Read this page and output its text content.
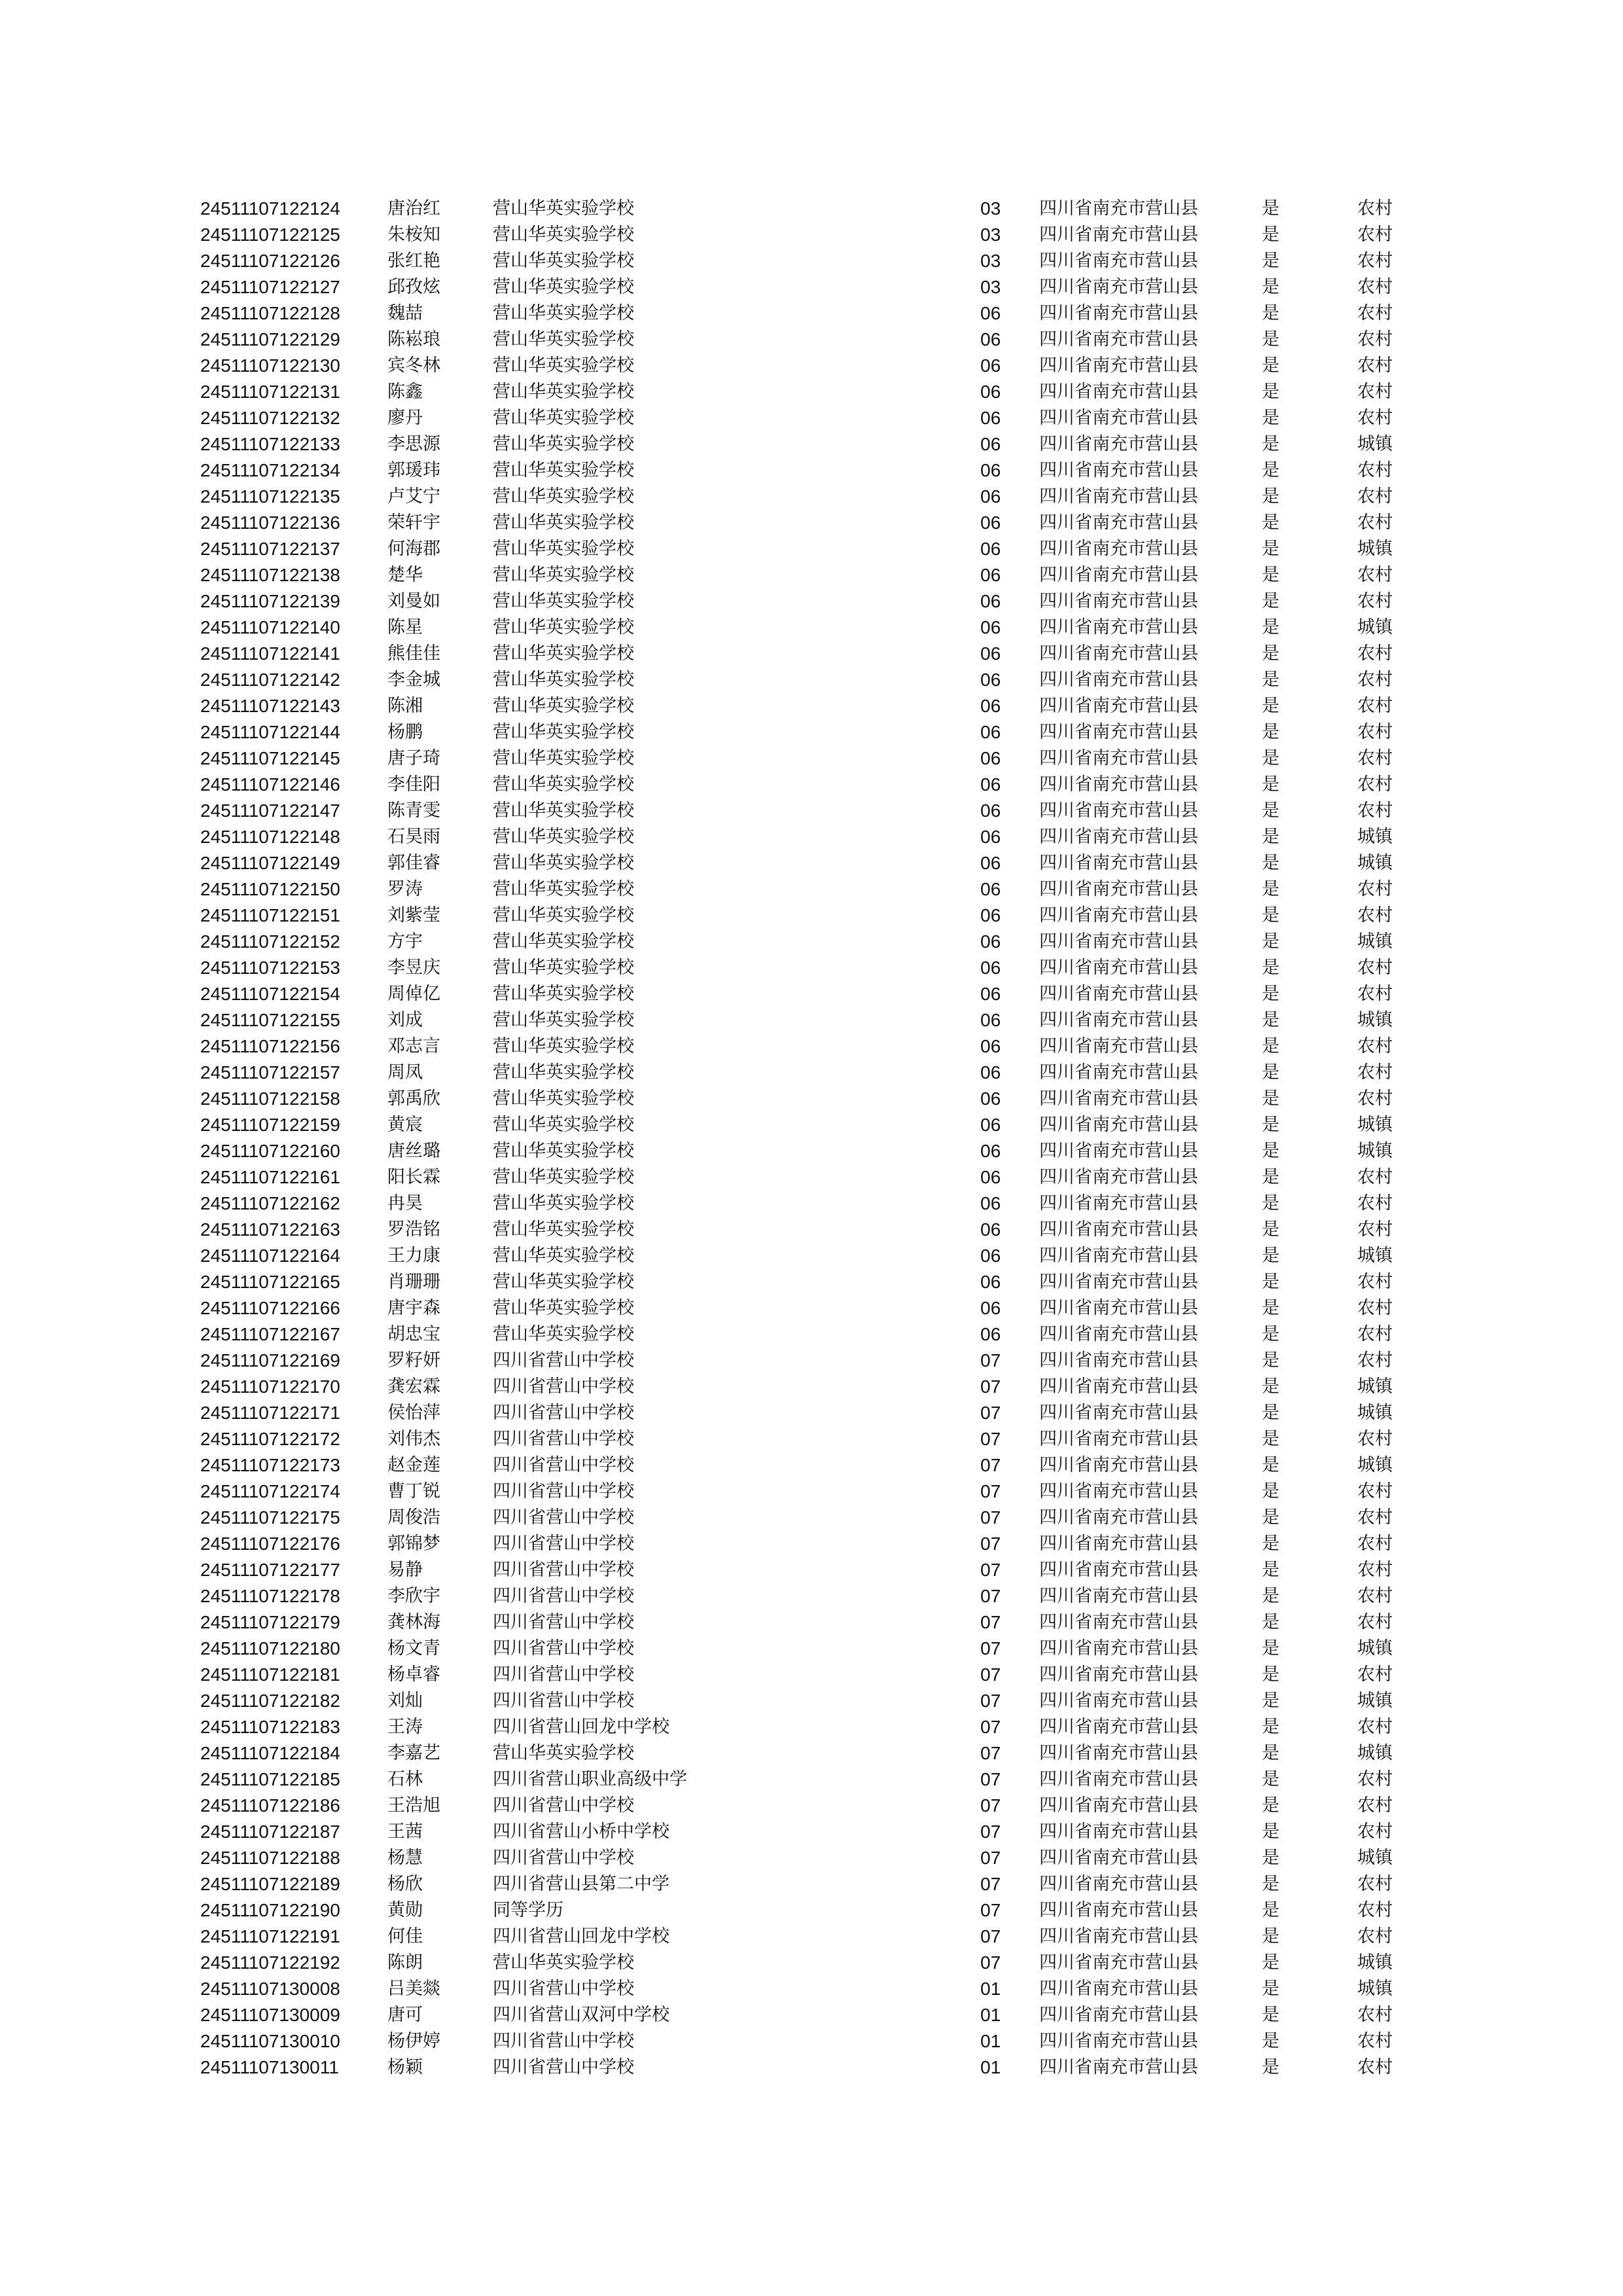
24511107122124	唐治红	营山华英实验学校	03	四川省南充市营山县	是	农村
24511107122125	朱桉知	营山华英实验学校	03	四川省南充市营山县	是	农村
24511107122126	张红艳	营山华英实验学校	03	四川省南充市营山县	是	农村
24511107122127	邱孜炫	营山华英实验学校	03	四川省南充市营山县	是	农村
24511107122128	魏喆	营山华英实验学校	06	四川省南充市营山县	是	农村
24511107122129	陈崧琅	营山华英实验学校	06	四川省南充市营山县	是	农村
24511107122130	宾冬林	营山华英实验学校	06	四川省南充市营山县	是	农村
24511107122131	陈鑫	营山华英实验学校	06	四川省南充市营山县	是	农村
24511107122132	廖丹	营山华英实验学校	06	四川省南充市营山县	是	农村
24511107122133	李思源	营山华英实验学校	06	四川省南充市营山县	是	城镇
24511107122134	郭瑗玮	营山华英实验学校	06	四川省南充市营山县	是	农村
24511107122135	卢艾宁	营山华英实验学校	06	四川省南充市营山县	是	农村
24511107122136	荣轩宇	营山华英实验学校	06	四川省南充市营山县	是	农村
24511107122137	何海郡	营山华英实验学校	06	四川省南充市营山县	是	城镇
24511107122138	楚华	营山华英实验学校	06	四川省南充市营山县	是	农村
24511107122139	刘曼如	营山华英实验学校	06	四川省南充市营山县	是	农村
24511107122140	陈星	营山华英实验学校	06	四川省南充市营山县	是	城镇
24511107122141	熊佳佳	营山华英实验学校	06	四川省南充市营山县	是	农村
24511107122142	李金城	营山华英实验学校	06	四川省南充市营山县	是	农村
24511107122143	陈湘	营山华英实验学校	06	四川省南充市营山县	是	农村
24511107122144	杨鹏	营山华英实验学校	06	四川省南充市营山县	是	农村
24511107122145	唐子琦	营山华英实验学校	06	四川省南充市营山县	是	农村
24511107122146	李佳阳	营山华英实验学校	06	四川省南充市营山县	是	农村
24511107122147	陈青雯	营山华英实验学校	06	四川省南充市营山县	是	农村
24511107122148	石昊雨	营山华英实验学校	06	四川省南充市营山县	是	城镇
24511107122149	郭佳睿	营山华英实验学校	06	四川省南充市营山县	是	城镇
24511107122150	罗涛	营山华英实验学校	06	四川省南充市营山县	是	农村
24511107122151	刘紫莹	营山华英实验学校	06	四川省南充市营山县	是	农村
24511107122152	方宇	营山华英实验学校	06	四川省南充市营山县	是	城镇
24511107122153	李昱庆	营山华英实验学校	06	四川省南充市营山县	是	农村
24511107122154	周倬亿	营山华英实验学校	06	四川省南充市营山县	是	农村
24511107122155	刘成	营山华英实验学校	06	四川省南充市营山县	是	城镇
24511107122156	邓志言	营山华英实验学校	06	四川省南充市营山县	是	农村
24511107122157	周凤	营山华英实验学校	06	四川省南充市营山县	是	农村
24511107122158	郭禹欣	营山华英实验学校	06	四川省南充市营山县	是	农村
24511107122159	黄宸	营山华英实验学校	06	四川省南充市营山县	是	城镇
24511107122160	唐丝璐	营山华英实验学校	06	四川省南充市营山县	是	城镇
24511107122161	阳长霖	营山华英实验学校	06	四川省南充市营山县	是	农村
24511107122162	冉昊	营山华英实验学校	06	四川省南充市营山县	是	农村
24511107122163	罗浩铭	营山华英实验学校	06	四川省南充市营山县	是	农村
24511107122164	王力康	营山华英实验学校	06	四川省南充市营山县	是	城镇
24511107122165	肖珊珊	营山华英实验学校	06	四川省南充市营山县	是	农村
24511107122166	唐宇森	营山华英实验学校	06	四川省南充市营山县	是	农村
24511107122167	胡忠宝	营山华英实验学校	06	四川省南充市营山县	是	农村
24511107122169	罗籽妍	四川省营山中学校	07	四川省南充市营山县	是	农村
24511107122170	龚宏霖	四川省营山中学校	07	四川省南充市营山县	是	城镇
24511107122171	侯怡萍	四川省营山中学校	07	四川省南充市营山县	是	城镇
24511107122172	刘伟杰	四川省营山中学校	07	四川省南充市营山县	是	农村
24511107122173	赵金莲	四川省营山中学校	07	四川省南充市营山县	是	城镇
24511107122174	曹丁锐	四川省营山中学校	07	四川省南充市营山县	是	农村
24511107122175	周俊浩	四川省营山中学校	07	四川省南充市营山县	是	农村
24511107122176	郭锦梦	四川省营山中学校	07	四川省南充市营山县	是	农村
24511107122177	易静	四川省营山中学校	07	四川省南充市营山县	是	农村
24511107122178	李欣宇	四川省营山中学校	07	四川省南充市营山县	是	农村
24511107122179	龚林海	四川省营山中学校	07	四川省南充市营山县	是	农村
24511107122180	杨文青	四川省营山中学校	07	四川省南充市营山县	是	城镇
24511107122181	杨卓睿	四川省营山中学校	07	四川省南充市营山县	是	农村
24511107122182	刘灿	四川省营山中学校	07	四川省南充市营山县	是	城镇
24511107122183	王涛	四川省营山回龙中学校	07	四川省南充市营山县	是	农村
24511107122184	李嘉艺	营山华英实验学校	07	四川省南充市营山县	是	城镇
24511107122185	石林	四川省营山职业高级中学	07	四川省南充市营山县	是	农村
24511107122186	王浩旭	四川省营山中学校	07	四川省南充市营山县	是	农村
24511107122187	王茜	四川省营山小桥中学校	07	四川省南充市营山县	是	农村
24511107122188	杨慧	四川省营山中学校	07	四川省南充市营山县	是	城镇
24511107122189	杨欣	四川省营山县第二中学	07	四川省南充市营山县	是	农村
24511107122190	黄勋	同等学历	07	四川省南充市营山县	是	农村
24511107122191	何佳	四川省营山回龙中学校	07	四川省南充市营山县	是	农村
24511107122192	陈朗	营山华英实验学校	07	四川省南充市营山县	是	城镇
24511107130008	吕美燚	四川省营山中学校	01	四川省南充市营山县	是	城镇
24511107130009	唐可	四川省营山双河中学校	01	四川省南充市营山县	是	农村
24511107130010	杨伊婷	四川省营山中学校	01	四川省南充市营山县	是	农村
24511107130011	杨颖	四川省营山中学校	01	四川省南充市营山县	是	农村
